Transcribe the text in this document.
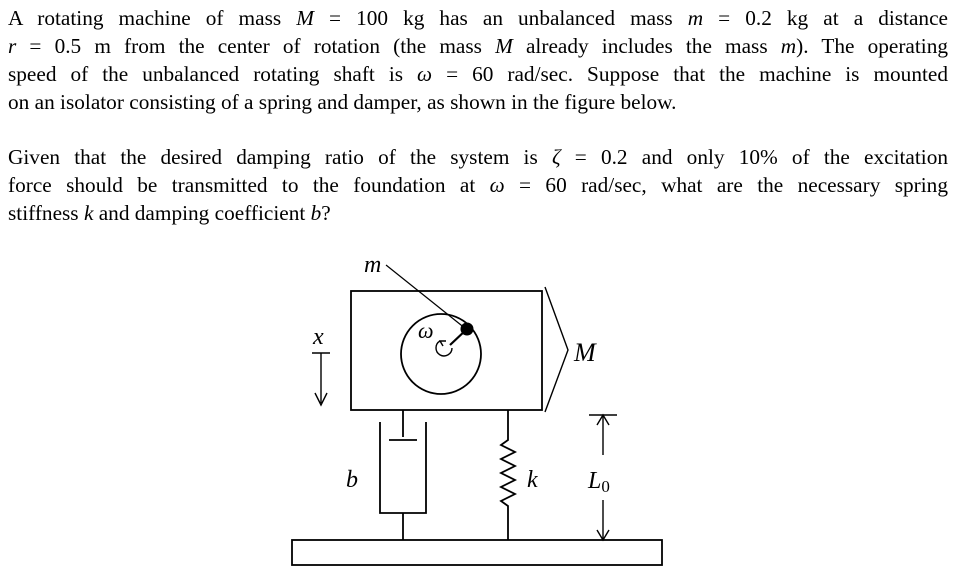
A rotating machine of mass M = 100 kg has an unbalanced mass m = 0.2 kg at a distance
r = 0.5 m from the center of rotation (the mass M already includes the mass m). The operating
speed of the unbalanced rotating shaft is ω = 60 rad/sec. Suppose that the machine is mounted
on an isolator consisting of a spring and damper, as shown in the figure below.
Given that the desired damping ratio of the system is ζ = 0.2 and only 10% of the excitation
force should be transmitted to the foundation at ω = 60 rad/sec, what are the necessary spring
stiffness k and damping coefficient b?
m
ω
x
M
b	k L0
